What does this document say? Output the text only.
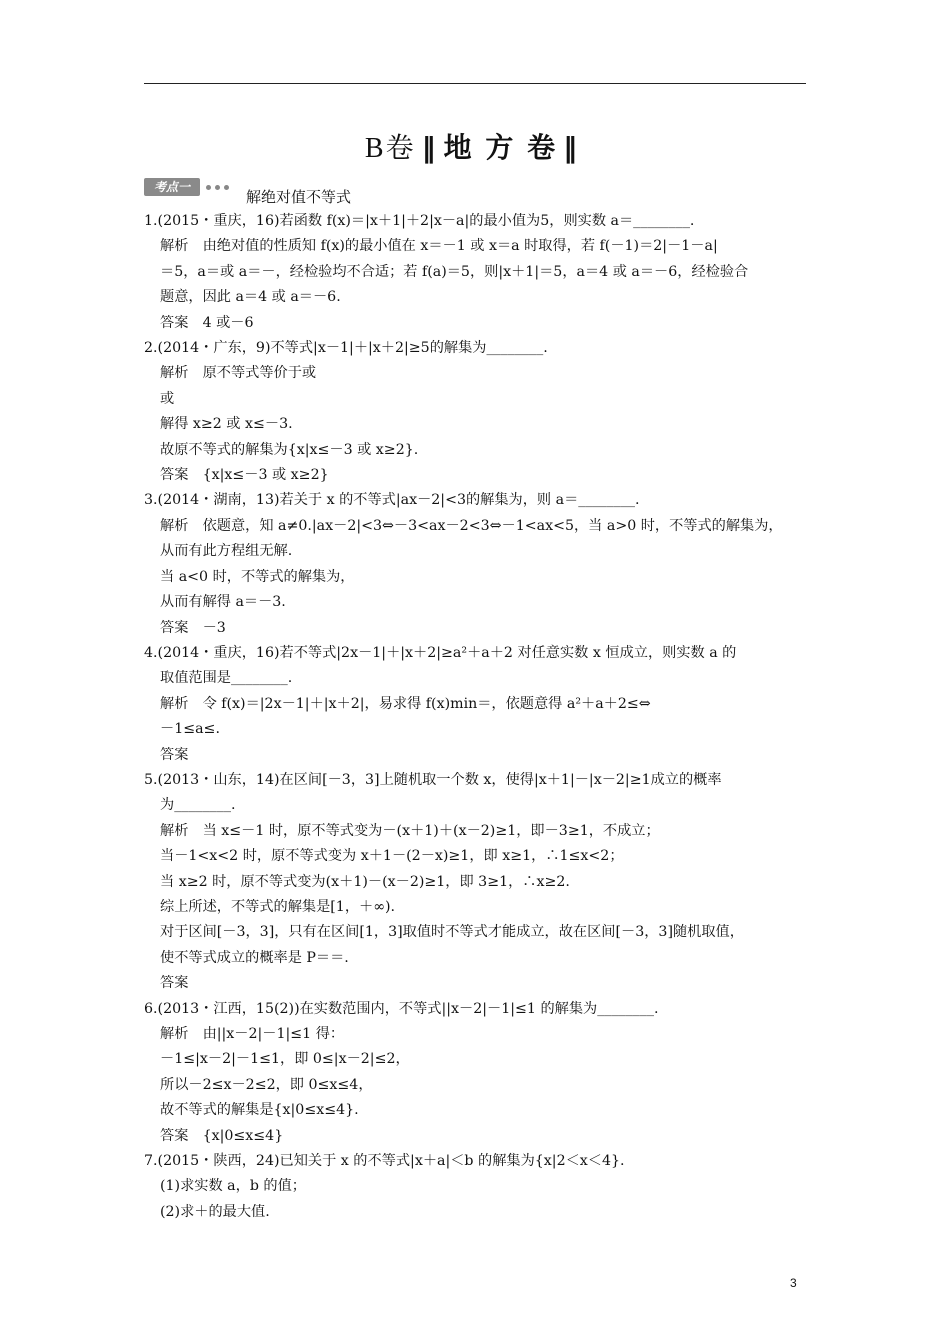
B卷 ‖ 地 方 卷 ‖
考点一
解绝对值不等式
1.(2015・重庆，16)若函数 f(x)＝|x＋1|＋2|x－a|的最小值为5，则实数 a＝________.
解析　由绝对值的性质知 f(x)的最小值在 x＝－1 或 x＝a 时取得，若 f(－1)＝2|－1－a|
＝5，a＝或 a＝－，经检验均不合适；若 f(a)＝5，则|x＋1|＝5，a＝4 或 a＝－6，经检验合
题意，因此 a＝4 或 a＝－6.
答案　4 或－6
2.(2014・广东，9)不等式|x－1|＋|x＋2|≥5的解集为________.
解析　原不等式等价于或
或
解得 x≥2 或 x≤－3.
故原不等式的解集为{x|x≤－3 或 x≥2}.
答案　{x|x≤－3 或 x≥2}
3.(2014・湖南，13)若关于 x 的不等式|ax－2|<3的解集为，则 a＝________.
解析　依题意，知 a≠0.|ax－2|<3⇔－3<ax－2<3⇔－1<ax<5，当 a>0 时，不等式的解集为，
从而有此方程组无解.
当 a<0 时，不等式的解集为，
从而有解得 a＝－3.
答案　－3
4.(2014・重庆，16)若不等式|2x－1|＋|x＋2|≥a²＋a＋2 对任意实数 x 恒成立，则实数 a 的
取值范围是________.
解析　令 f(x)＝|2x－1|＋|x＋2|，易求得 f(x)min＝，依题意得 a²＋a＋2≤⇔
－1≤a≤.
答案
5.(2013・山东，14)在区间[－3，3]上随机取一个数 x，使得|x＋1|－|x－2|≥1成立的概率
为________.
解析　当 x≤－1 时，原不等式变为－(x＋1)＋(x－2)≥1，即－3≥1，不成立；
当－1<x<2 时，原不等式变为 x＋1－(2－x)≥1，即 x≥1，∴1≤x<2；
当 x≥2 时，原不等式变为(x＋1)－(x－2)≥1，即 3≥1，∴x≥2.
综上所述，不等式的解集是[1，＋∞).
对于区间[－3，3]，只有在区间[1，3]取值时不等式才能成立，故在区间[－3，3]随机取值，
使不等式成立的概率是 P＝＝.
答案
6.(2013・江西，15(2))在实数范围内，不等式||x－2|－1|≤1 的解集为________.
解析　由||x－2|－1|≤1 得：
－1≤|x－2|－1≤1，即 0≤|x－2|≤2，
所以－2≤x－2≤2，即 0≤x≤4，
故不等式的解集是{x|0≤x≤4}.
答案　{x|0≤x≤4}
7.(2015・陕西，24)已知关于 x 的不等式|x＋a|＜b 的解集为{x|2＜x＜4}.
(1)求实数 a，b 的值；
(2)求＋的最大值.
3
